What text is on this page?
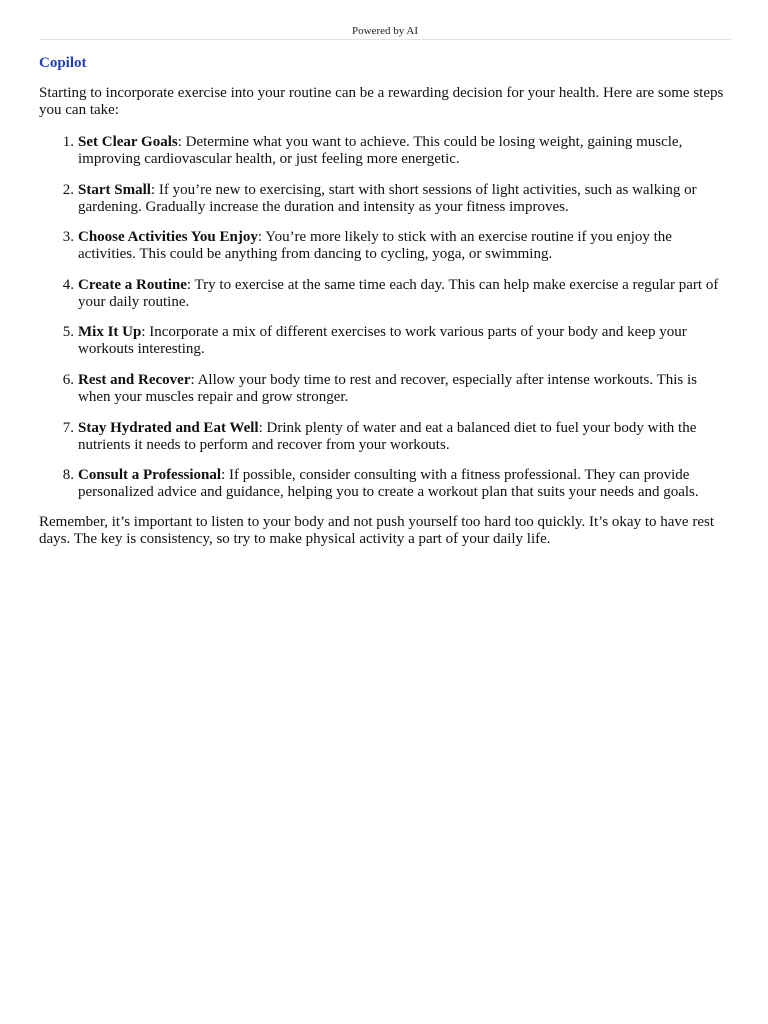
Powered by AI
Copilot

Starting to incorporate exercise into your routine can be a rewarding decision for your health. Here are some steps you can take:

1. Set Clear Goals: Determine what you want to achieve. This could be losing weight, gaining muscle, improving cardiovascular health, or just feeling more energetic.
2. Start Small: If you’re new to exercising, start with short sessions of light activities, such as walking or gardening. Gradually increase the duration and intensity as your fitness improves.
3. Choose Activities You Enjoy: You’re more likely to stick with an exercise routine if you enjoy the activities. This could be anything from dancing to cycling, yoga, or swimming.
4. Create a Routine: Try to exercise at the same time each day. This can help make exercise a regular part of your daily routine.
5. Mix It Up: Incorporate a mix of different exercises to work various parts of your body and keep your workouts interesting.
6. Rest and Recover: Allow your body time to rest and recover, especially after intense workouts. This is when your muscles repair and grow stronger.
7. Stay Hydrated and Eat Well: Drink plenty of water and eat a balanced diet to fuel your body with the nutrients it needs to perform and recover from your workouts.
8. Consult a Professional: If possible, consider consulting with a fitness professional. They can provide personalized advice and guidance, helping you to create a workout plan that suits your needs and goals.

Remember, it’s important to listen to your body and not push yourself too hard too quickly. It’s okay to have rest days. The key is consistency, so try to make physical activity a part of your daily life.
